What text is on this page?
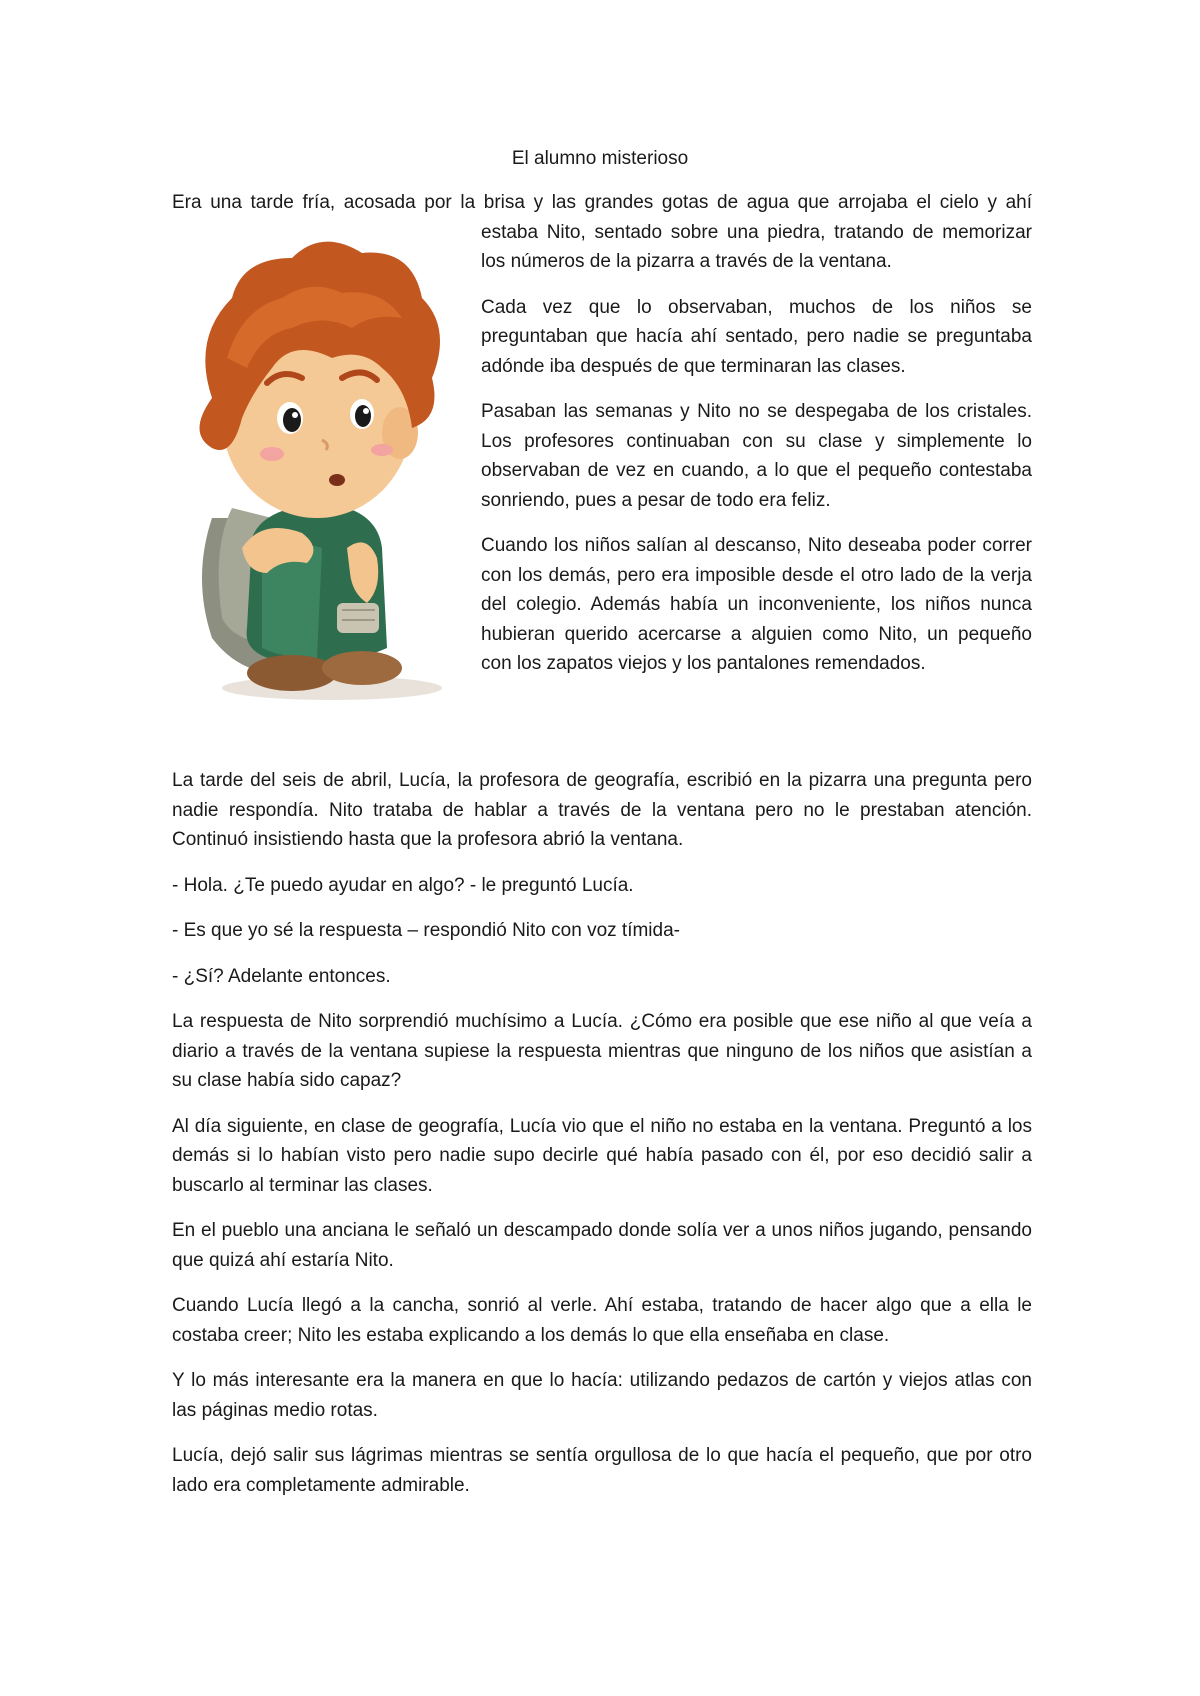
El alumno misterioso

Era una tarde fría, acosada por la brisa y las grandes gotas de agua que arrojaba el cielo y ahí

estaba Nito, sentado sobre una piedra, tratando de memorizar los números de la pizarra a través de la ventana.

Cada vez que lo observaban, muchos de los niños se preguntaban que hacía ahí sentado, pero nadie se preguntaba adónde iba después de que terminaran las clases.

Pasaban las semanas y Nito no se despegaba de los cristales. Los profesores continuaban con su clase y simplemente lo observaban de vez en cuando, a lo que el pequeño contestaba sonriendo, pues a pesar de todo era feliz.

Cuando los niños salían al descanso, Nito deseaba poder correr con los demás, pero era imposible desde el otro lado de la verja del colegio. Además había un inconveniente, los niños nunca hubieran querido acercarse a alguien como Nito, un pequeño con los zapatos viejos y los pantalones remendados.

La tarde del seis de abril, Lucía, la profesora de geografía, escribió en la pizarra una pregunta pero nadie respondía. Nito trataba de hablar a través de la ventana pero no le prestaban atención. Continuó insistiendo hasta que la profesora abrió la ventana.

- Hola. ¿Te puedo ayudar en algo? - le preguntó Lucía.

- Es que yo sé la respuesta – respondió Nito con voz tímida-

- ¿Sí? Adelante entonces.

La respuesta de Nito sorprendió muchísimo a Lucía. ¿Cómo era posible que ese niño al que veía a diario a través de la ventana supiese la respuesta mientras que ninguno de los niños que asistían a su clase había sido capaz?

Al día siguiente, en clase de geografía, Lucía vio que el niño no estaba en la ventana. Preguntó a los demás si lo habían visto pero nadie supo decirle qué había pasado con él, por eso decidió salir a buscarlo al terminar las clases.

En el pueblo una anciana le señaló un descampado donde solía ver a unos niños jugando, pensando que quizá ahí estaría Nito.

Cuando Lucía llegó a la cancha, sonrió al verle. Ahí estaba, tratando de hacer algo que a ella le costaba creer; Nito les estaba explicando a los demás lo que ella enseñaba en clase.

Y lo más interesante era la manera en que lo hacía: utilizando pedazos de cartón y viejos atlas con las páginas medio rotas.

Lucía, dejó salir sus lágrimas mientras se sentía orgullosa de lo que hacía el pequeño, que por otro lado era completamente admirable.
